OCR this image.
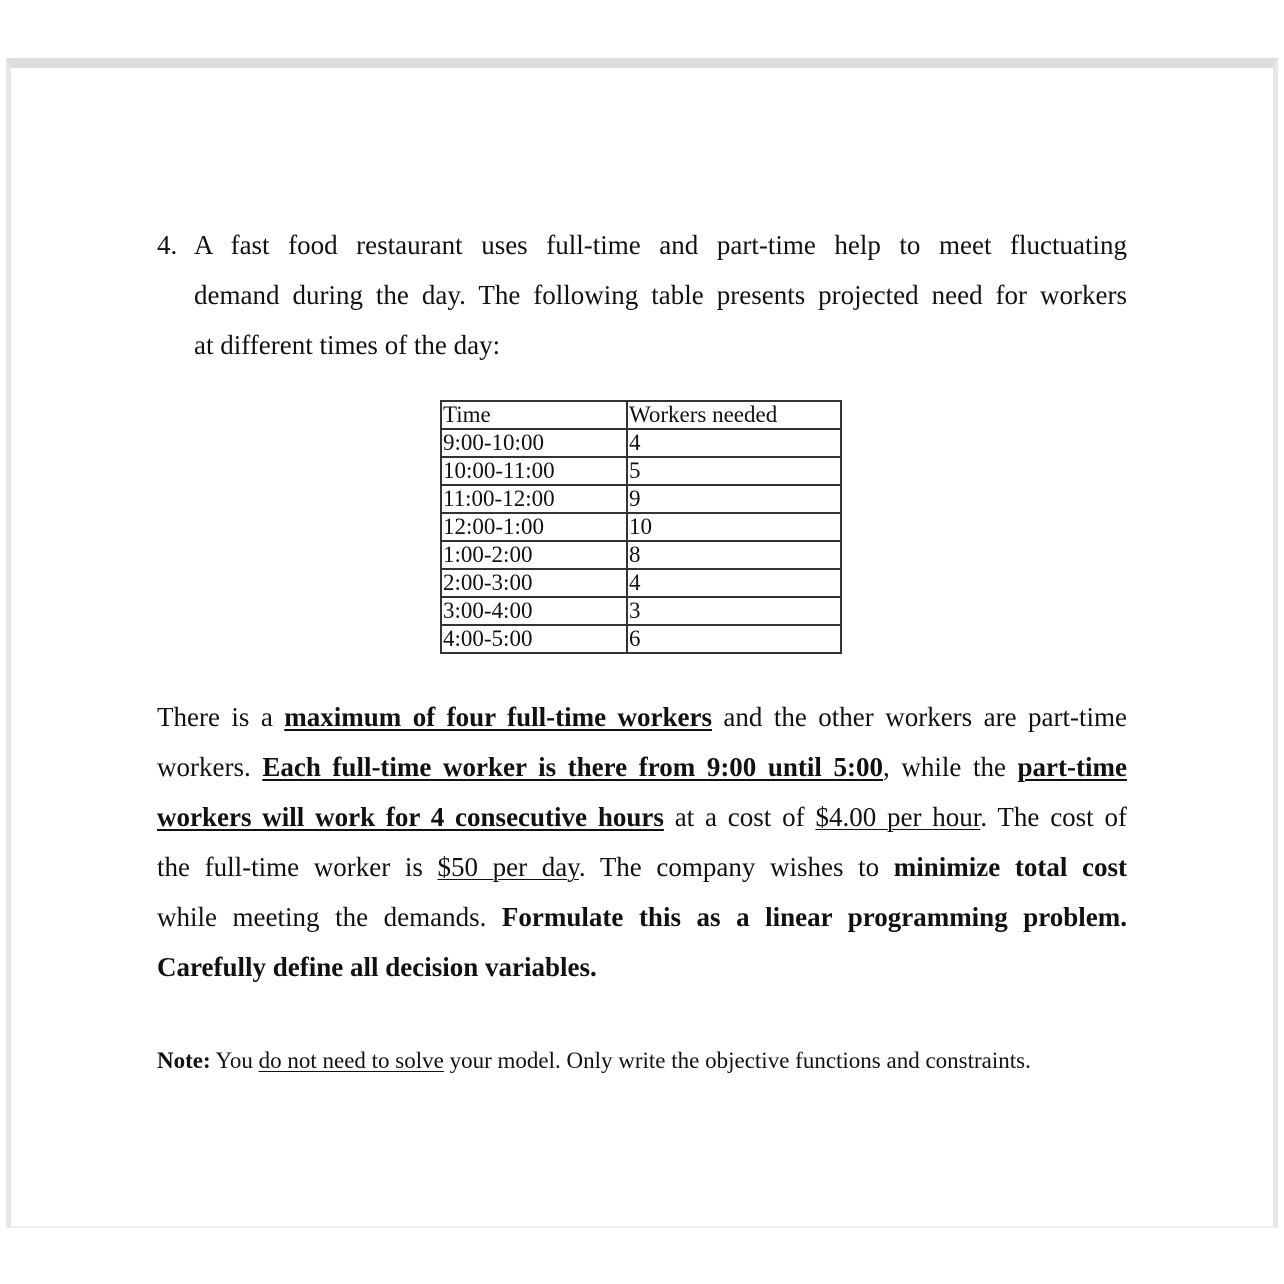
4. A fast food restaurant uses full-time and part-time help to meet fluctuating
demand during the day. The following table presents projected need for workers
at different times of the day:
Time	Workers needed
9:00-10:00	4
10:00-11:00	5
11:00-12:00	9
12:00-1:00	10
1:00-2:00	8
2:00-3:00	4
3:00-4:00	3
4:00-5:00	6
There is a maximum of four full-time workers and the other workers are part-time
workers. Each full-time worker is there from 9:00 until 5:00, while the part-time
workers will work for 4 consecutive hours at a cost of $4.00 per hour. The cost of
the full-time worker is $50 per day. The company wishes to minimize total cost
while meeting the demands. Formulate this as a linear programming problem.
Carefully define all decision variables.
Note: You do not need to solve your model. Only write the objective functions and constraints.
